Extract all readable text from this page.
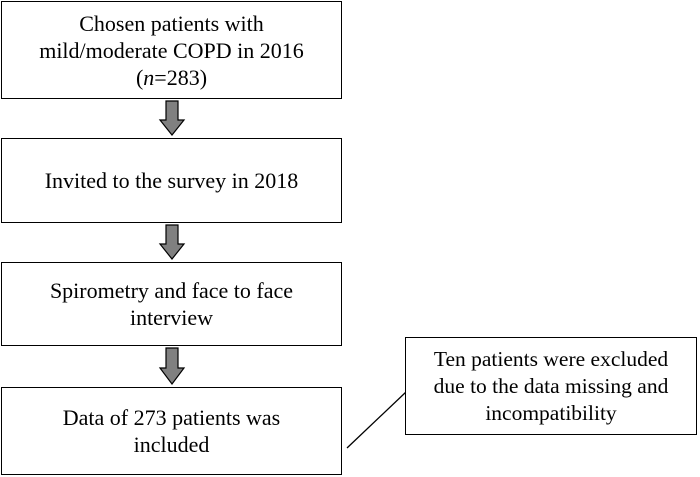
Chosen patients with
mild/moderate COPD in 2016
(n=283)
Invited to the survey in 2018
Spirometry and face to face
interview
Data of 273 patients was
included
Ten patients were excluded
due to the data missing and
incompatibility
